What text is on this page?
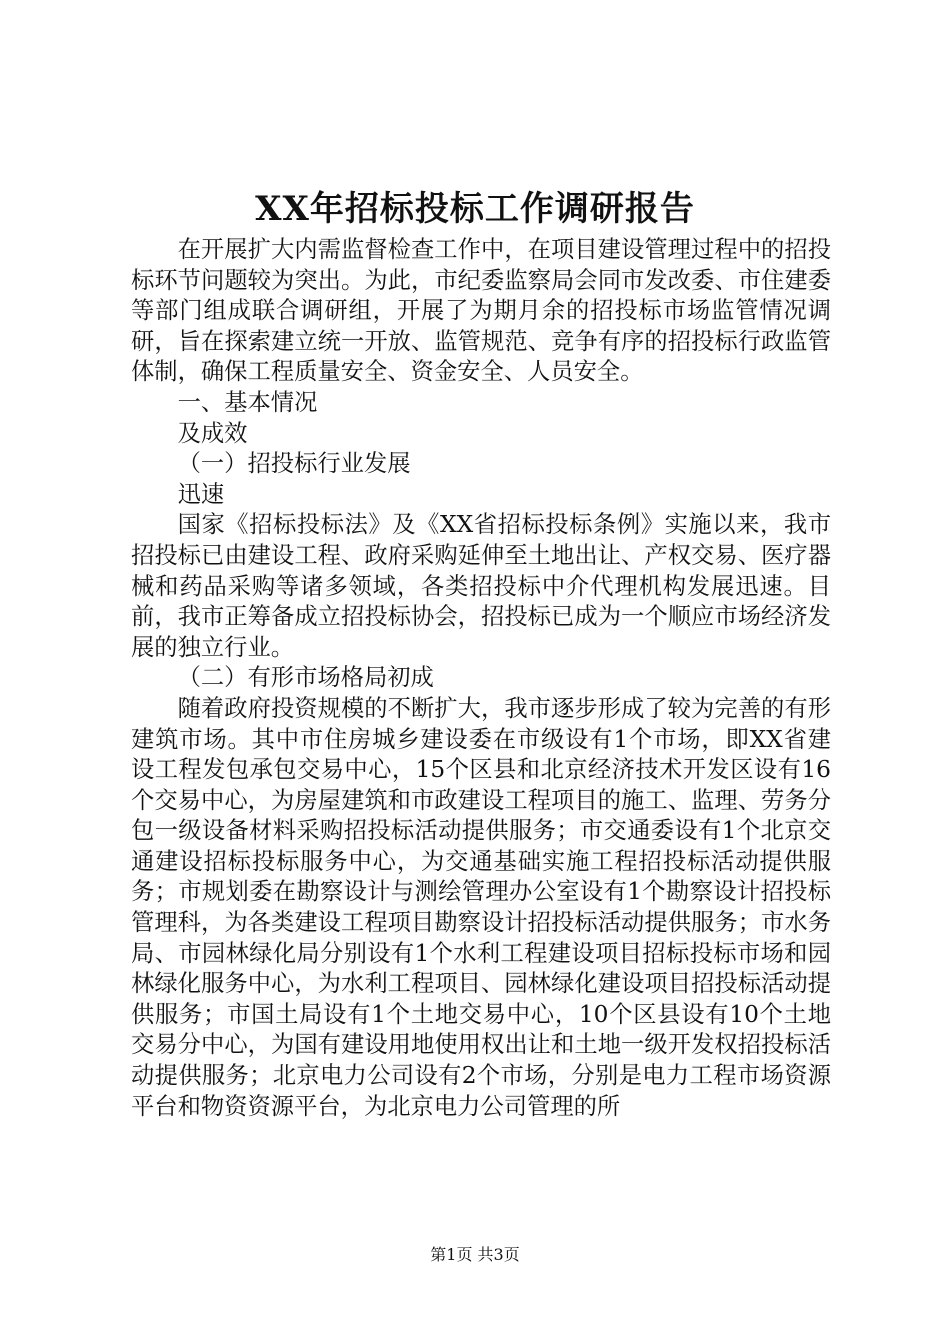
XX年招标投标工作调研报告

在开展扩大内需监督检查工作中，在项目建设管理过程中的招投标环节问题较为突出。为此，市纪委监察局会同市发改委、市住建委等部门组成联合调研组，开展了为期月余的招投标市场监管情况调研，旨在探索建立统一开放、监管规范、竞争有序的招投标行政监管体制，确保工程质量安全、资金安全、人员安全。

一、基本情况

及成效

（一）招投标行业发展

迅速

国家《招标投标法》及《XX省招标投标条例》实施以来，我市招投标已由建设工程、政府采购延伸至土地出让、产权交易、医疗器械和药品采购等诸多领域，各类招投标中介代理机构发展迅速。目前，我市正筹备成立招投标协会，招投标已成为一个顺应市场经济发展的独立行业。

（二）有形市场格局初成

随着政府投资规模的不断扩大，我市逐步形成了较为完善的有形建筑市场。其中市住房城乡建设委在市级设有1个市场，即XX省建设工程发包承包交易中心，15个区县和北京经济技术开发区设有16个交易中心，为房屋建筑和市政建设工程项目的施工、监理、劳务分包一级设备材料采购招投标活动提供服务；市交通委设有1个北京交通建设招标投标服务中心，为交通基础实施工程招投标活动提供服务；市规划委在勘察设计与测绘管理办公室设有1个勘察设计招投标管理科，为各类建设工程项目勘察设计招投标活动提供服务；市水务局、市园林绿化局分别设有1个水利工程建设项目招标投标市场和园林绿化服务中心，为水利工程项目、园林绿化建设项目招投标活动提供服务；市国土局设有1个土地交易中心，10个区县设有10个土地交易分中心，为国有建设用地使用权出让和土地一级开发权招投标活动提供服务；北京电力公司设有2个市场，分别是电力工程市场资源平台和物资资源平台，为北京电力公司管理的所

第1页 共3页
